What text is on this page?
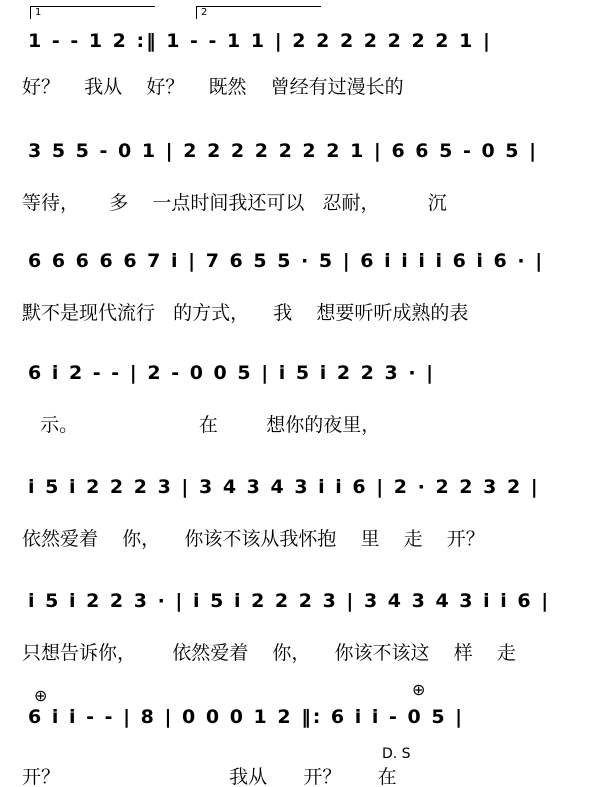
1	2
1 - - 1 2 :‖ 1 - - 1 1 | 2 2 2 2 2 2 2 1 |
好？    我从    好？    既然    曾经有过漫长的
3 5 5 - 0 1 | 2 2 2 2 2 2 2 1 | 6 6 5 - 0 5 |
等待，     多    一点时间我还可以   忍耐，        沉
6 6 6 6 6 7 i | 7 6 5 5 · 5 | 6 i i i i 6 i 6 · |
默不是现代流行   的方式，    我    想要听听成熟的表
6 i 2 - - | 2 - 0 0 5 | i 5 i 2 2 3 · |
示。                    在        想你的夜里，
i 5 i 2 2 2 3 | 3 4 3 4 3 i i 6 | 2 · 2 2 3 2 |
依然爱着    你，    你该不该从我怀抱    里    走    开？
i 5 i 2 2 3 · | i 5 i 2 2 2 3 | 3 4 3 4 3 i i 6 |
只想告诉你，      依然爱着    你，    你该不该这    样    走
⊕	⊕
6 i i - - | 8 | 0 0 0 1 2 ‖: 6 i i - 0 5 |
D. S
开？                            我从      开？      在
